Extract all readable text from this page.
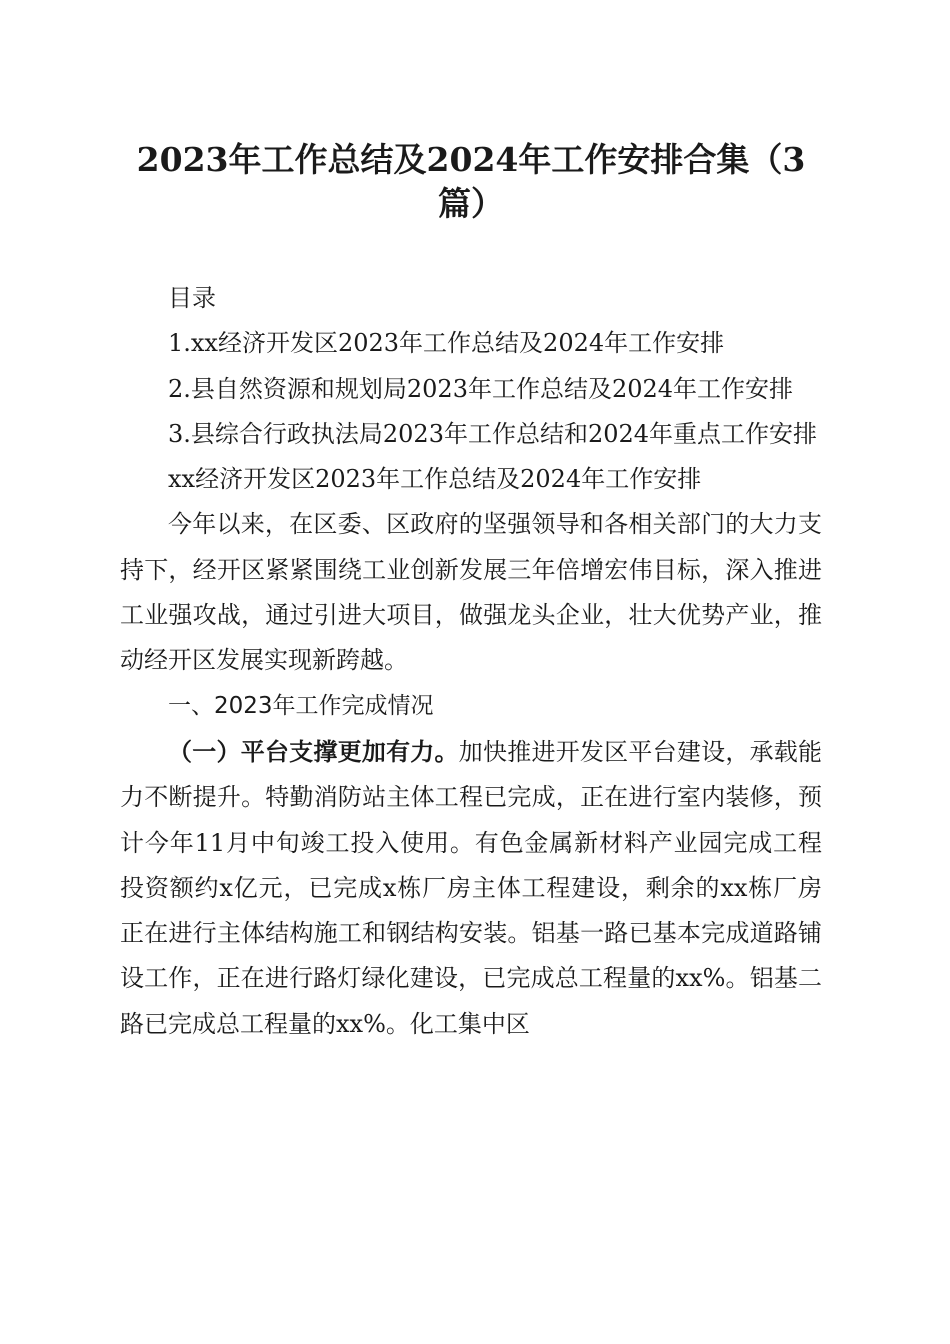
2023年工作总结及2024年工作安排合集（3篇）

目录

1.xx经济开发区2023年工作总结及2024年工作安排

2.县自然资源和规划局2023年工作总结及2024年工作安排

3.县综合行政执法局2023年工作总结和2024年重点工作安排

xx经济开发区2023年工作总结及2024年工作安排

今年以来，在区委、区政府的坚强领导和各相关部门的大力支持下，经开区紧紧围绕工业创新发展三年倍增宏伟目标，深入推进工业强攻战，通过引进大项目，做强龙头企业，壮大优势产业，推动经开区发展实现新跨越。

一、2023年工作完成情况

（一）平台支撑更加有力。加快推进开发区平台建设，承载能力不断提升。特勤消防站主体工程已完成，正在进行室内装修，预计今年11月中旬竣工投入使用。有色金属新材料产业园完成工程投资额约x亿元，已完成x栋厂房主体工程建设，剩余的xx栋厂房正在进行主体结构施工和钢结构安装。铝基一路已基本完成道路铺设工作，正在进行路灯绿化建设，已完成总工程量的xx%。铝基二路已完成总工程量的xx%。化工集中区
